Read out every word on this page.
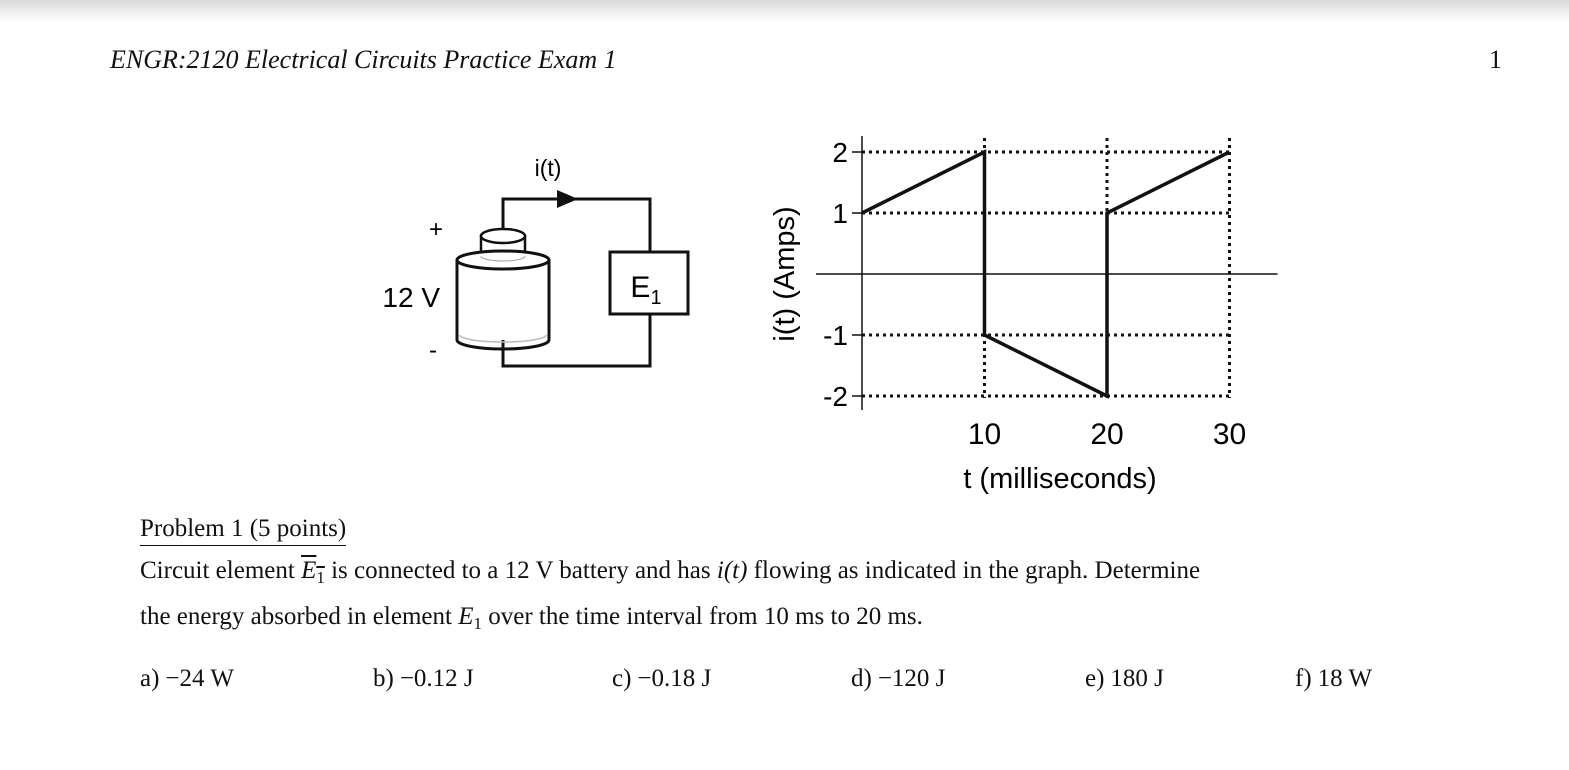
ENGR:2120 Electrical Circuits Practice Exam 1	1
i(t)
+
12 V
-
$E_1$
2
1
-1
-2
10	20	30
t (milliseconds)
i(t) (Amps)
Problem 1 (5 points)
Circuit element $E_1$ is connected to a 12 V battery and has i(t) flowing as indicated in the graph. Determine
the energy absorbed in element $E_1$ over the time interval from 10 ms to 20 ms.
a) −24 W	b) −0.12 J	c) −0.18 J	d) −120 J	e) 180 J	f) 18 W
